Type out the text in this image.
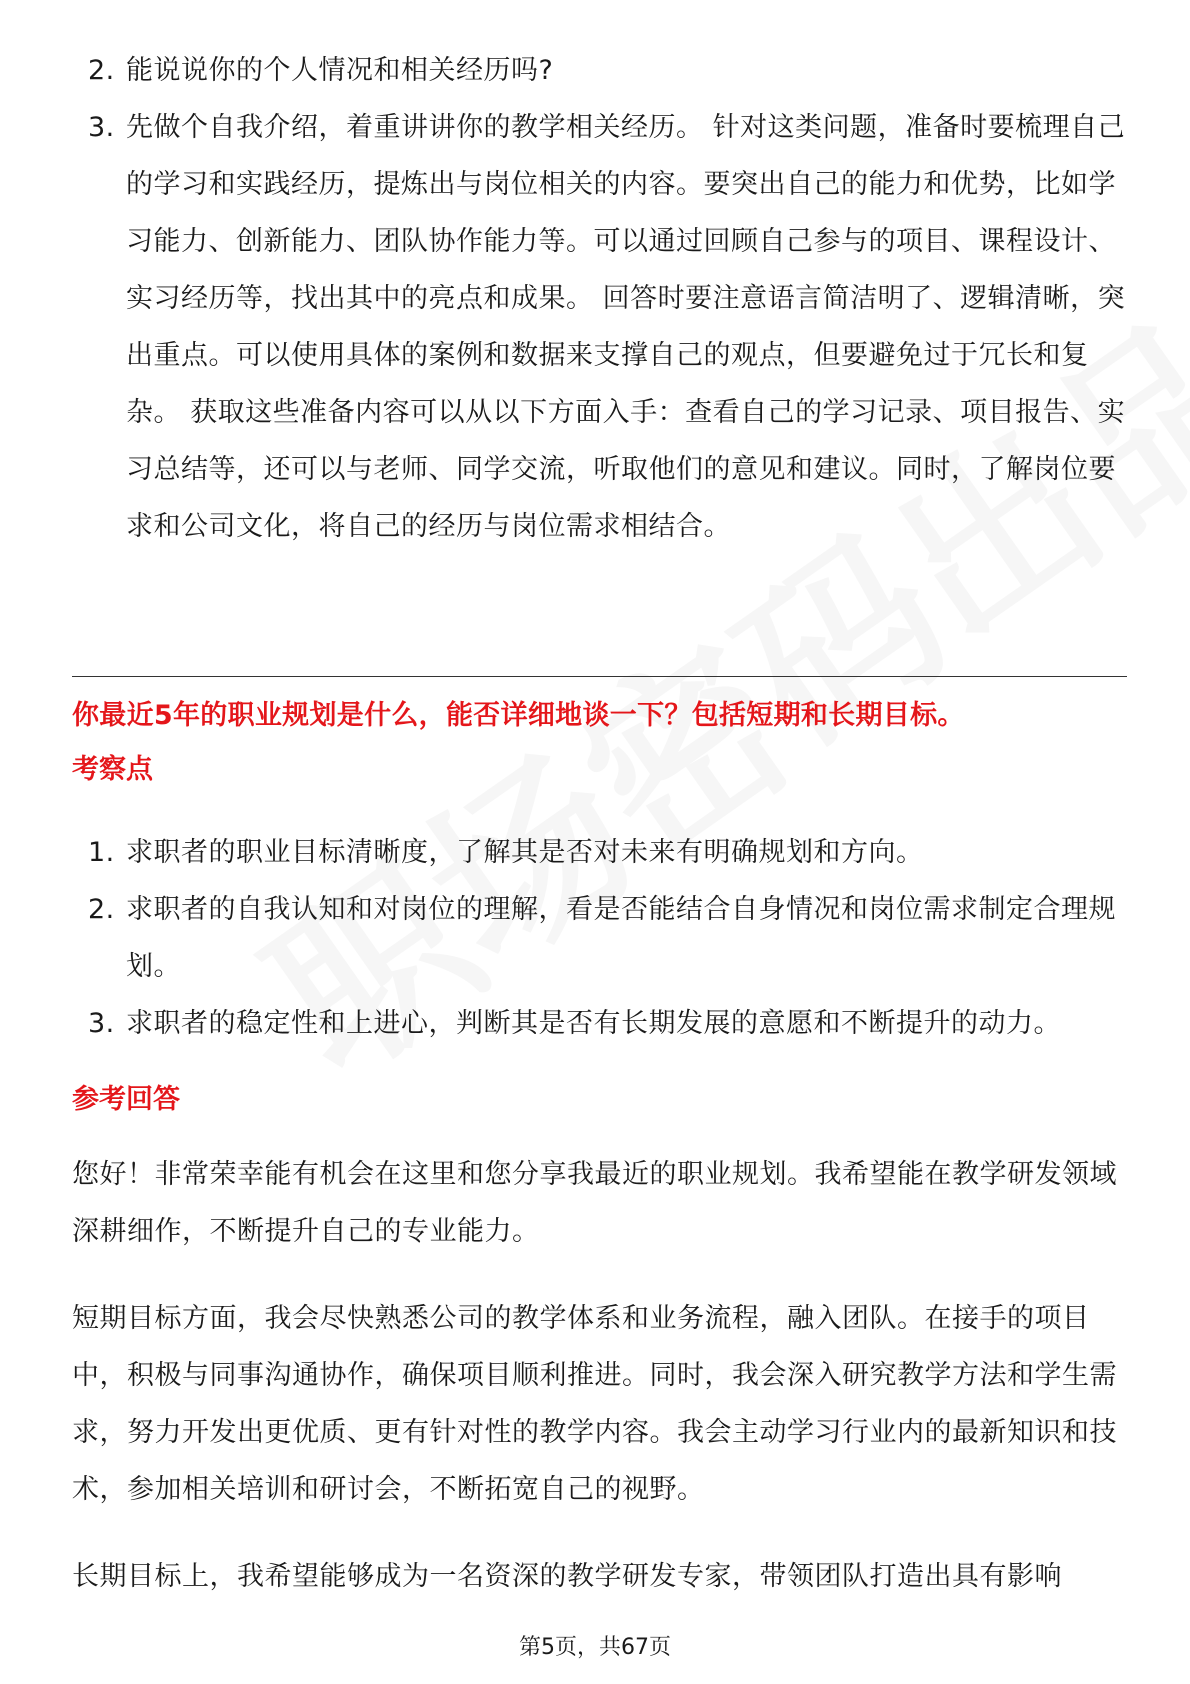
2. 能说说你的个人情况和相关经历吗?
3. 先做个自我介绍，着重讲讲你的教学相关经历。 针对这类问题，准备时要梳理自己的学习和实践经历，提炼出与岗位相关的内容。要突出自己的能力和优势，比如学习能力、创新能力、团队协作能力等。可以通过回顾自己参与的项目、课程设计、实习经历等，找出其中的亮点和成果。 回答时要注意语言简洁明了、逻辑清晰，突出重点。可以使用具体的案例和数据来支撑自己的观点，但要避免过于冗长和复杂。 获取这些准备内容可以从以下方面入手：查看自己的学习记录、项目报告、实习总结等，还可以与老师、同学交流，听取他们的意见和建议。同时，了解岗位要求和公司文化，将自己的经历与岗位需求相结合。
你最近5年的职业规划是什么，能否详细地谈一下？包括短期和长期目标。
考察点
1. 求职者的职业目标清晰度，了解其是否对未来有明确规划和方向。
2. 求职者的自我认知和对岗位的理解，看是否能结合自身情况和岗位需求制定合理规划。
3. 求职者的稳定性和上进心，判断其是否有长期发展的意愿和不断提升的动力。
参考回答

您好！非常荣幸能有机会在这里和您分享我最近的职业规划。我希望能在教学研发领域深耕细作，不断提升自己的专业能力。

短期目标方面，我会尽快熟悉公司的教学体系和业务流程，融入团队。在接手的项目中，积极与同事沟通协作，确保项目顺利推进。同时，我会深入研究教学方法和学生需求，努力开发出更优质、更有针对性的教学内容。我会主动学习行业内的最新知识和技术，参加相关培训和研讨会，不断拓宽自己的视野。

长期目标上，我希望能够成为一名资深的教学研发专家，带领团队打造出具有影响

第5页，共67页
